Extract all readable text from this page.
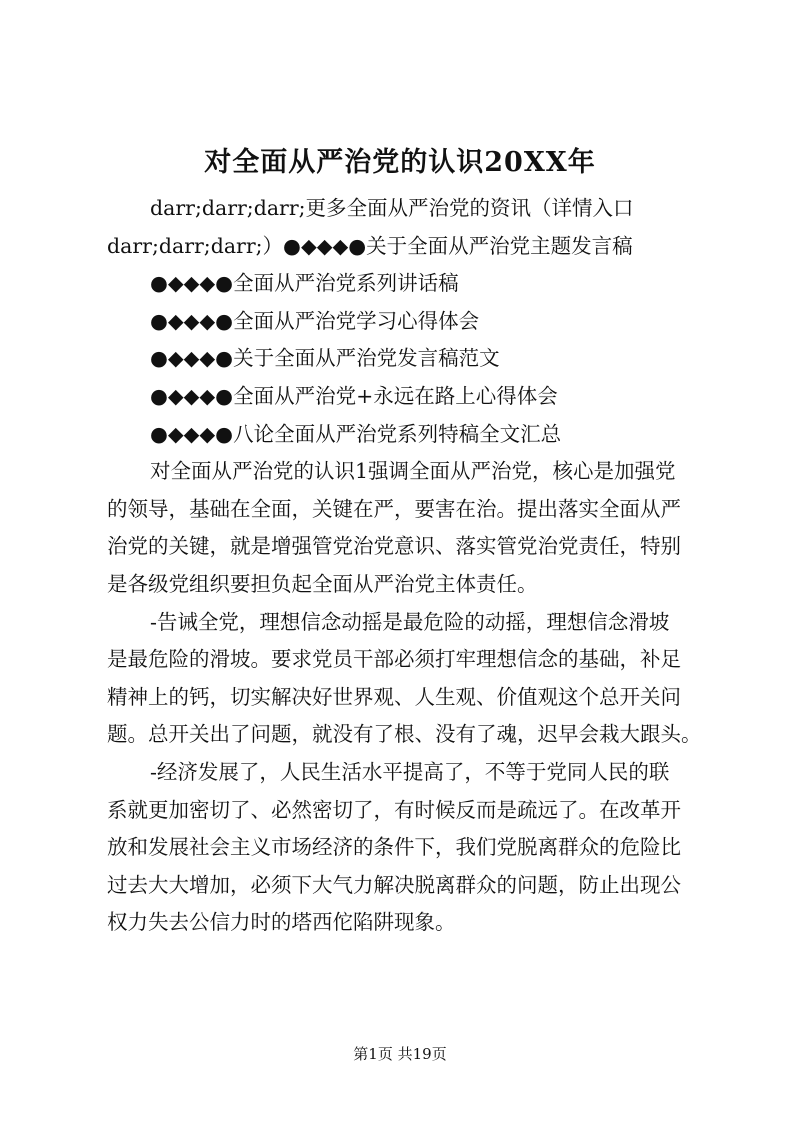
对全面从严治党的认识20XX年
darr;darr;darr;更多全面从严治党的资讯（详情入口
darr;darr;darr;）●◆◆◆●关于全面从严治党主题发言稿
●◆◆◆●全面从严治党系列讲话稿
●◆◆◆●全面从严治党学习心得体会
●◆◆◆●关于全面从严治党发言稿范文
●◆◆◆●全面从严治党+永远在路上心得体会
●◆◆◆●八论全面从严治党系列特稿全文汇总
对全面从严治党的认识1强调全面从严治党，核心是加强党
的领导，基础在全面，关键在严，要害在治。提出落实全面从严
治党的关键，就是增强管党治党意识、落实管党治党责任，特别
是各级党组织要担负起全面从严治党主体责任。
-告诫全党，理想信念动摇是最危险的动摇，理想信念滑坡
是最危险的滑坡。要求党员干部必须打牢理想信念的基础，补足
精神上的钙，切实解决好世界观、人生观、价值观这个总开关问
题。总开关出了问题，就没有了根、没有了魂，迟早会栽大跟头。
-经济发展了，人民生活水平提高了，不等于党同人民的联
系就更加密切了、必然密切了，有时候反而是疏远了。在改革开
放和发展社会主义市场经济的条件下，我们党脱离群众的危险比
过去大大增加，必须下大气力解决脱离群众的问题，防止出现公
权力失去公信力时的塔西佗陷阱现象。
第1页 共19页
